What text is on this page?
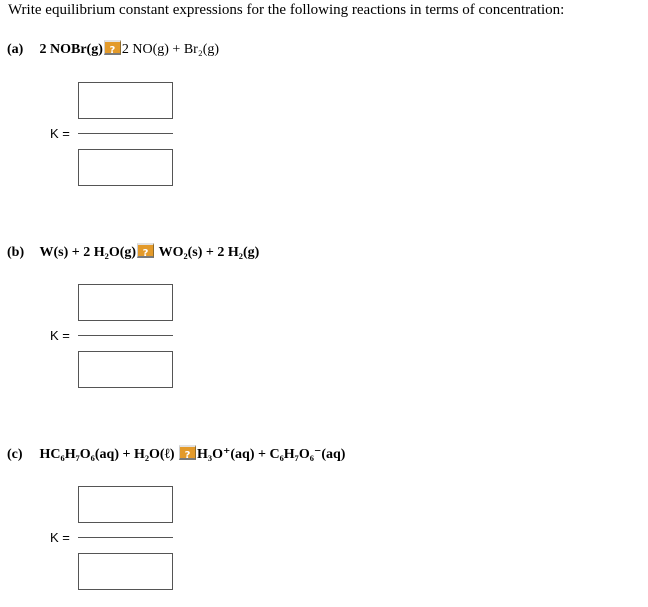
Write equilibrium constant expressions for the following reactions in terms of concentration:
(a) 2 NOBr(g) ? 2 NO(g) + Br₂(g)
K =
(b) W(s) + 2 H₂O(g) ? WO₂(s) + 2 H₂(g)
K =
(c) HC₆H₇O₆(aq) + H₂O(ℓ)	? H₃O⁺(aq) + C₆H₇O₆⁻(aq)
K =
